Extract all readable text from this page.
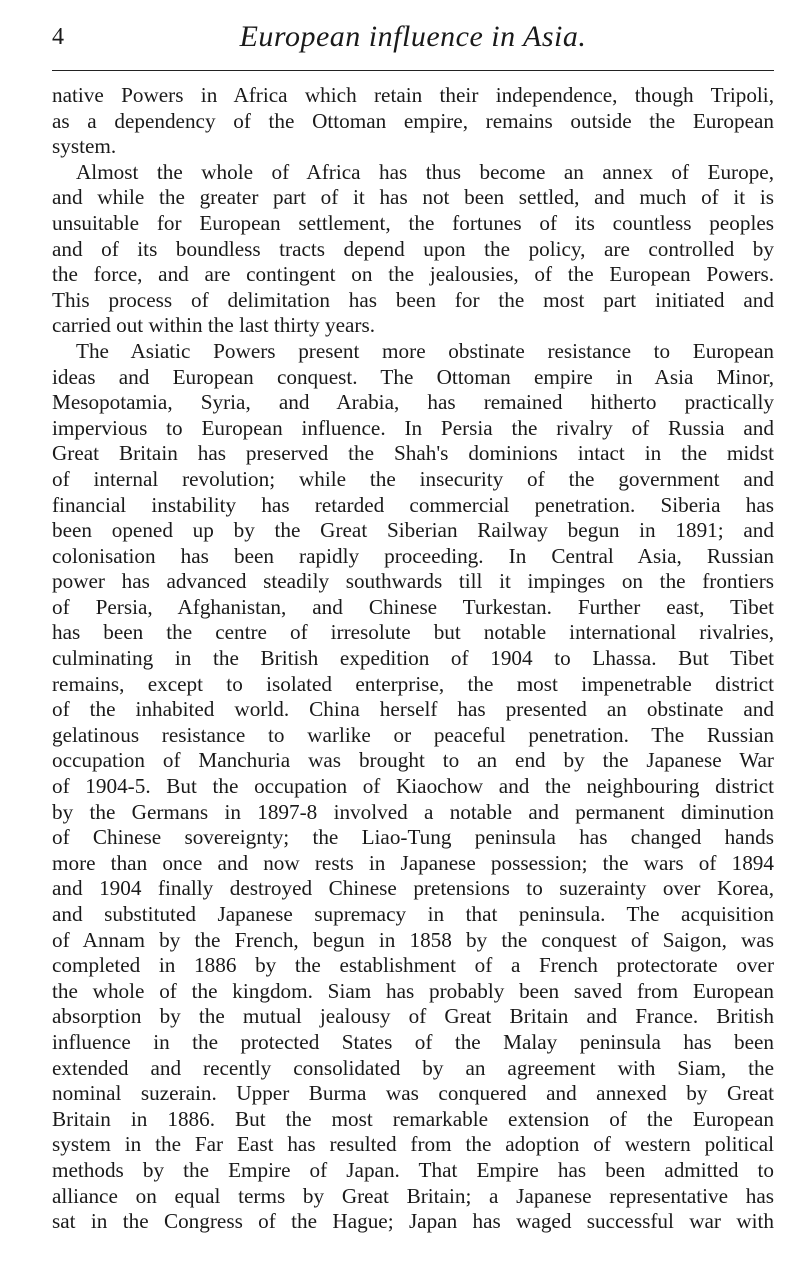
4	European influence in Asia.
native Powers in Africa which retain their independence, though Tripoli,
as a dependency of the Ottoman empire, remains outside the European
system.
Almost the whole of Africa has thus become an annex of Europe,
and while the greater part of it has not been settled, and much of it is
unsuitable for European settlement, the fortunes of its countless peoples
and of its boundless tracts depend upon the policy, are controlled by
the force, and are contingent on the jealousies, of the European Powers.
This process of delimitation has been for the most part initiated and
carried out within the last thirty years.
The Asiatic Powers present more obstinate resistance to European
ideas and European conquest. The Ottoman empire in Asia Minor,
Mesopotamia, Syria, and Arabia, has remained hitherto practically
impervious to European influence. In Persia the rivalry of Russia and
Great Britain has preserved the Shah's dominions intact in the midst
of internal revolution; while the insecurity of the government and
financial instability has retarded commercial penetration. Siberia has
been opened up by the Great Siberian Railway begun in 1891; and
colonisation has been rapidly proceeding. In Central Asia, Russian
power has advanced steadily southwards till it impinges on the frontiers
of Persia, Afghanistan, and Chinese Turkestan. Further east, Tibet
has been the centre of irresolute but notable international rivalries,
culminating in the British expedition of 1904 to Lhassa. But Tibet
remains, except to isolated enterprise, the most impenetrable district
of the inhabited world. China herself has presented an obstinate and
gelatinous resistance to warlike or peaceful penetration. The Russian
occupation of Manchuria was brought to an end by the Japanese War
of 1904-5. But the occupation of Kiaochow and the neighbouring district
by the Germans in 1897-8 involved a notable and permanent diminution
of Chinese sovereignty; the Liao-Tung peninsula has changed hands
more than once and now rests in Japanese possession; the wars of 1894
and 1904 finally destroyed Chinese pretensions to suzerainty over Korea,
and substituted Japanese supremacy in that peninsula. The acquisition
of Annam by the French, begun in 1858 by the conquest of Saigon, was
completed in 1886 by the establishment of a French protectorate over
the whole of the kingdom. Siam has probably been saved from European
absorption by the mutual jealousy of Great Britain and France. British
influence in the protected States of the Malay peninsula has been
extended and recently consolidated by an agreement with Siam, the
nominal suzerain. Upper Burma was conquered and annexed by Great
Britain in 1886. But the most remarkable extension of the European
system in the Far East has resulted from the adoption of western political
methods by the Empire of Japan. That Empire has been admitted to
alliance on equal terms by Great Britain; a Japanese representative has
sat in the Congress of the Hague; Japan has waged successful war with
